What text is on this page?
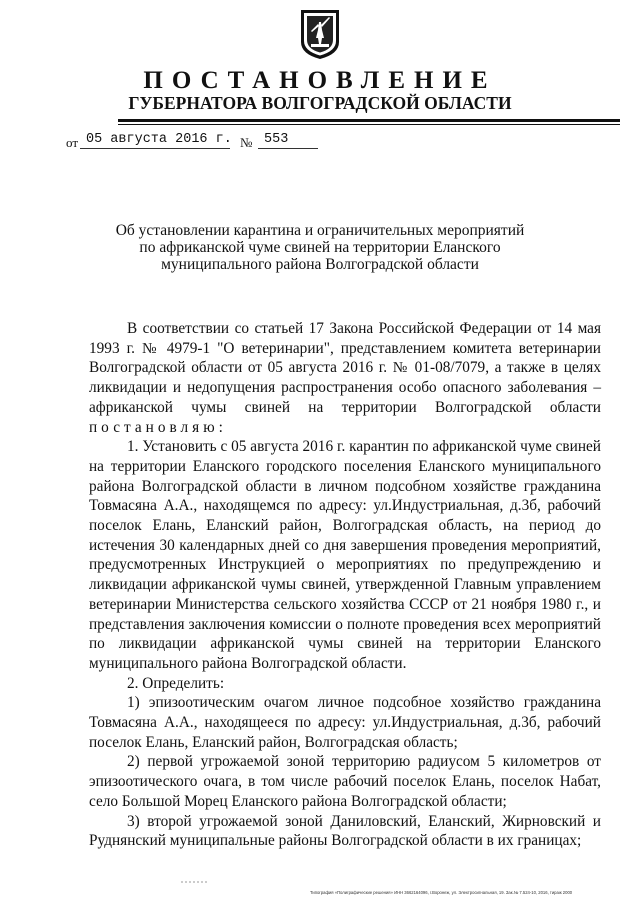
ПОСТАНОВЛЕНИЕ
ГУБЕРНАТОРА ВОЛГОГРАДСКОЙ ОБЛАСТИ
от 05 августа 2016 г. № 553
Об установлении карантина и ограничительных мероприятий
по африканской чуме свиней на территории Еланского
муниципального района Волгоградской области

В соответствии со статьей 17 Закона Российской Федерации от 14 мая 1993 г. № 4979-1 "О ветеринарии", представлением комитета ветеринарии Волгоградской области от 05 августа 2016 г. № 01-08/7079, а также в целях ликвидации и недопущения распространения особо опасного заболевания – африканской чумы свиней на территории Волгоградской области постановляю:

1. Установить с 05 августа 2016 г. карантин по африканской чуме свиней на территории Еланского городского поселения Еланского муниципального района Волгоградской области в личном подсобном хозяйстве гражданина Товмасяна А.А., находящемся по адресу: ул.Индустриальная, д.3б, рабочий поселок Елань, Еланский район, Волгоградская область, на период до истечения 30 календарных дней со дня завершения проведения мероприятий, предусмотренных Инструкцией о мероприятиях по предупреждению и ликвидации африканской чумы свиней, утвержденной Главным управлением ветеринарии Министерства сельского хозяйства СССР от 21 ноября 1980 г., и представления заключения комиссии о полноте проведения всех мероприятий по ликвидации африканской чумы свиней на территории Еланского муниципального района Волгоградской области.

2. Определить:

1) эпизоотическим очагом личное подсобное хозяйство гражданина Товмасяна А.А., находящееся по адресу: ул.Индустриальная, д.3б, рабочий поселок Елань, Еланский район, Волгоградская область;

2) первой угрожаемой зоной территорию радиусом 5 километров от эпизоотического очага, в том числе рабочий поселок Елань, поселок Набат, село Большой Морец Еланского района Волгоградской области;

3) второй угрожаемой зоной Даниловский, Еланский, Жирновский и Руднянский муниципальные районы Волгоградской области в их границах;

Типография «Полиграфические решения» ИНН 3662164096, г.Воронеж, ул. Электросигнальная, 19. Зак.№ 7.524-10, 2016, тираж 2000
